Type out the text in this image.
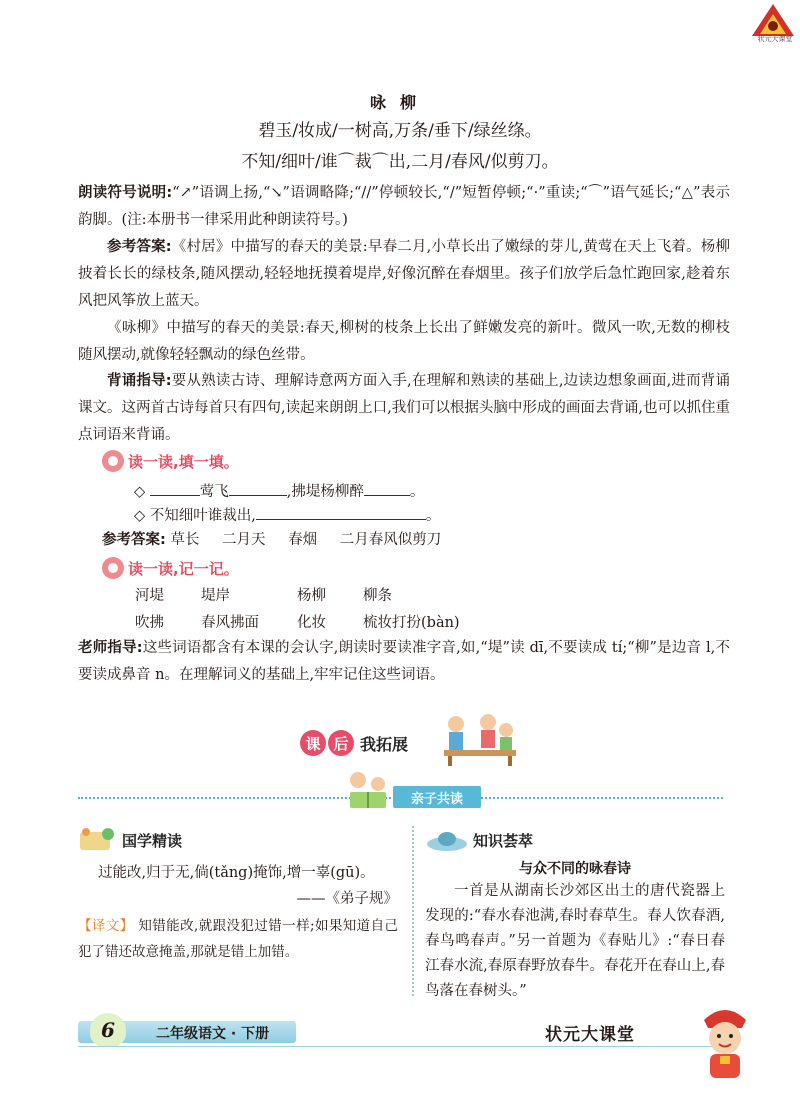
状元大课堂
咏柳
碧玉/妆成/一树高,万条/垂下/绿丝绦。
不知/细叶/谁⌒裁⌒出,二月/春风/似剪刀。
朗读符号说明:“↗”语调上扬,“↘”语调略降;“//”停顿较长,“/”短暂停顿;“·”重读;“⌒”语气延长;“△”表示韵脚。(注:本册书一律采用此种朗读符号。)
参考答案:《村居》中描写的春天的美景:早春二月,小草长出了嫩绿的芽儿,黄莺在天上飞着。杨柳披着长长的绿枝条,随风摆动,轻轻地抚摸着堤岸,好像沉醉在春烟里。孩子们放学后急忙跑回家,趁着东风把风筝放上蓝天。
《咏柳》中描写的春天的美景:春天,柳树的枝条上长出了鲜嫩发亮的新叶。微风一吹,无数的柳枝随风摆动,就像轻轻飘动的绿色丝带。
背诵指导:要从熟读古诗、理解诗意两方面入手,在理解和熟读的基础上,边读边想象画面,进而背诵课文。这两首古诗每首只有四句,读起来朗朗上口,我们可以根据头脑中形成的画面去背诵,也可以抓住重点词语来背诵。
读一读,填一填。
◇	莺飞	,拂堤杨柳醉	。
◇ 不知细叶谁裁出,	。
参考答案: 草长 二月天 春烟 二月春风似剪刀
读一读,记一记。
河堤	堤岸	杨柳	柳条
吹拂	春风拂面	化妆	梳妆打扮(bàn)
老师指导:这些词语都含有本课的会认字,朗读时要读准字音,如,“堤”读 dī,不要读成 tí;“柳”是边音 l,不要读成鼻音 n。在理解词义的基础上,牢牢记住这些词语。
课 后 我拓展
亲子共读
国学精读
过能改,归于无,倘(tǎng)掩饰,增一辜(gū)。
——《弟子规》
【译文】 知错能改,就跟没犯过错一样;如果知道自己犯了错还故意掩盖,那就是错上加错。
知识荟萃
与众不同的咏春诗
一首是从湖南长沙郊区出土的唐代瓷器上发现的:“春水春池满,春时春草生。春人饮春酒,春鸟鸣春声。”另一首题为《春贴儿》:“春日春江春水流,春原春野放春牛。春花开在春山上,春鸟落在春树头。”
6	二年级语文 · 下册	状元大课堂
